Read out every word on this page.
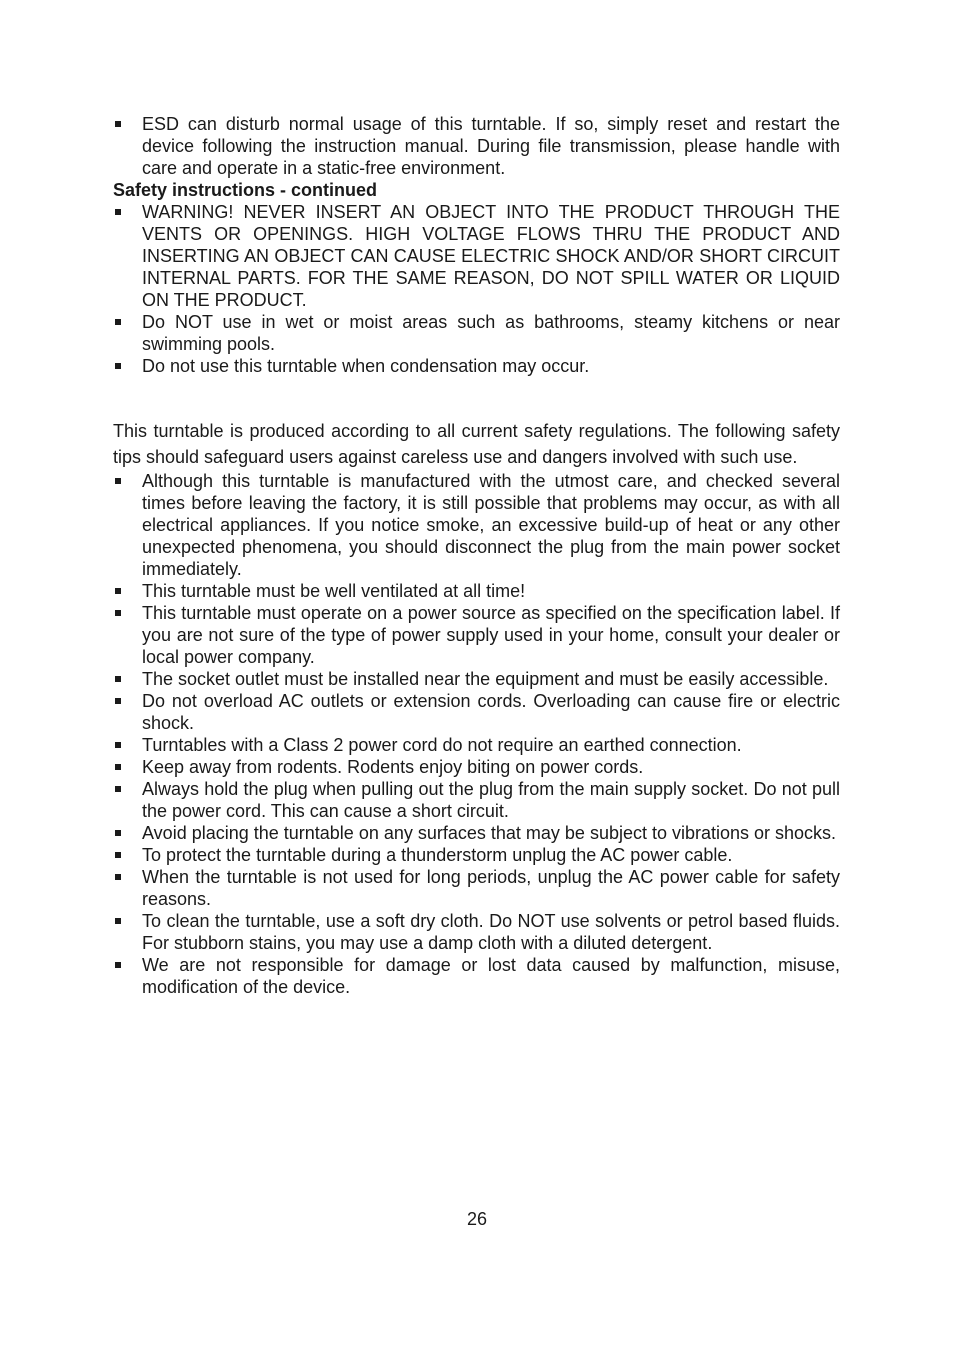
ESD can disturb normal usage of this turntable. If so, simply reset and restart the device following the instruction manual. During file transmission, please handle with care and operate in a static-free environment.

Safety instructions - continued

WARNING! NEVER INSERT AN OBJECT INTO THE PRODUCT THROUGH THE VENTS OR OPENINGS. HIGH VOLTAGE FLOWS THRU THE PRODUCT AND INSERTING AN OBJECT CAN CAUSE ELECTRIC SHOCK AND/OR SHORT CIRCUIT INTERNAL PARTS. FOR THE SAME REASON, DO NOT SPILL WATER OR LIQUID ON THE PRODUCT.
Do NOT use in wet or moist areas such as bathrooms, steamy kitchens or near swimming pools.
Do not use this turntable when condensation may occur.

This turntable is produced according to all current safety regulations. The following safety tips should safeguard users against careless use and dangers involved with such use.

Although this turntable is manufactured with the utmost care, and checked several times before leaving the factory, it is still possible that problems may occur, as with all electrical appliances. If you notice smoke, an excessive build-up of heat or any other unexpected phenomena, you should disconnect the plug from the main power socket immediately.
This turntable must be well ventilated at all time!
This turntable must operate on a power source as specified on the specification label. If you are not sure of the type of power supply used in your home, consult your dealer or local power company.
The socket outlet must be installed near the equipment and must be easily accessible.
Do not overload AC outlets or extension cords. Overloading can cause fire or electric shock.
Turntables with a Class 2 power cord do not require an earthed connection.
Keep away from rodents. Rodents enjoy biting on power cords.
Always hold the plug when pulling out the plug from the main supply socket. Do not pull the power cord. This can cause a short circuit.
Avoid placing the turntable on any surfaces that may be subject to vibrations or shocks.
To protect the turntable during a thunderstorm unplug the AC power cable.
When the turntable is not used for long periods, unplug the AC power cable for safety reasons.
To clean the turntable, use a soft dry cloth. Do NOT use solvents or petrol based fluids. For stubborn stains, you may use a damp cloth with a diluted detergent.
We are not responsible for damage or lost data caused by malfunction, misuse, modification of the device.
26
